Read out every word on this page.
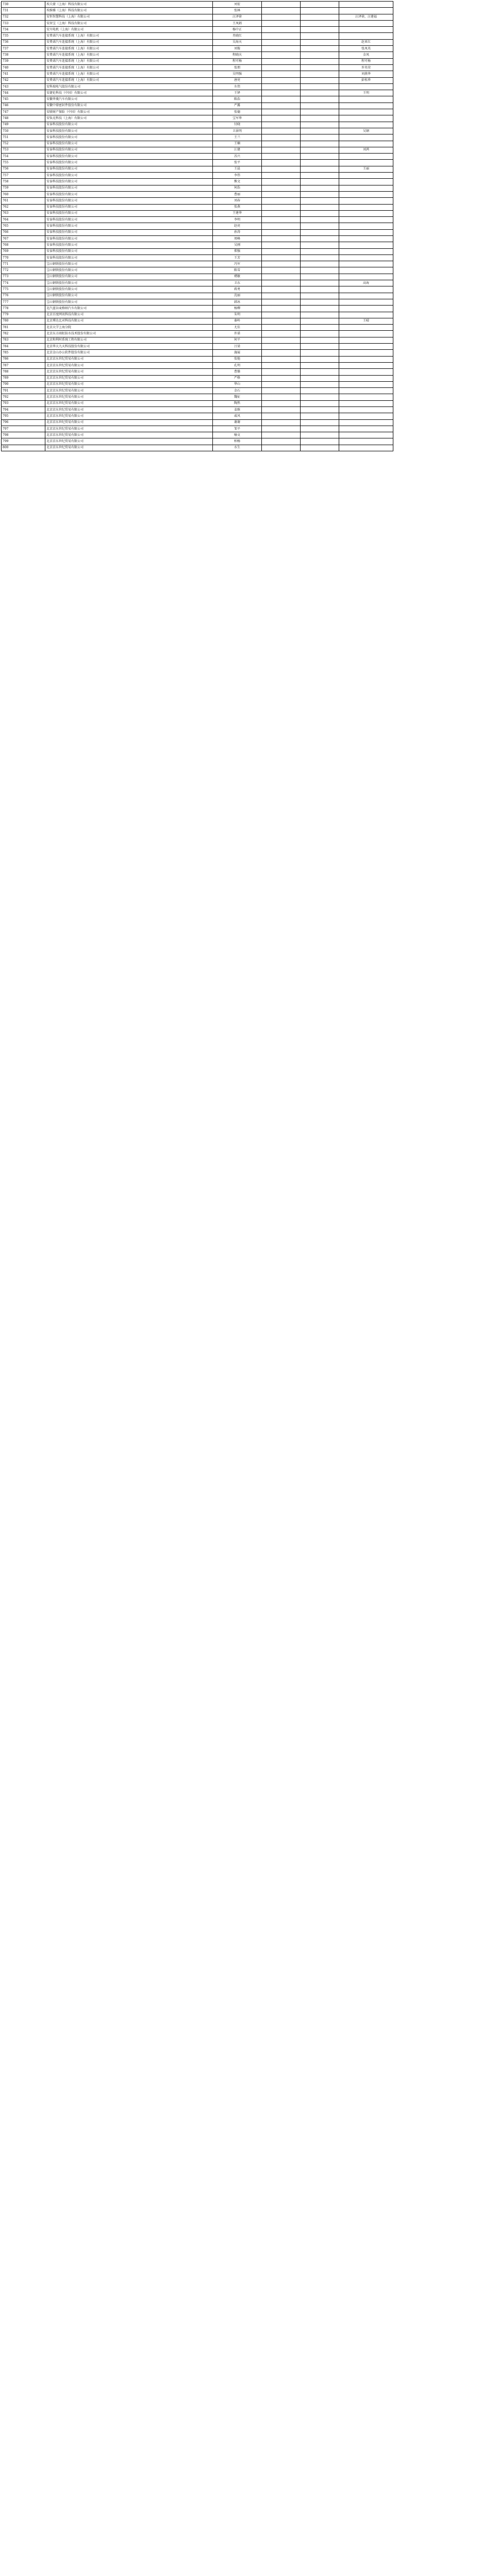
730	埃夫蒙（上海）科技有限公司	刘宏			
731	埃维雅（上海）科技有限公司	张林			
732	安恒智慧科技（上海）有限公司	汪泽徐			汪泽徐，汪建福
733	安居宝（上海）科技有限公司	王凤娟			
734	安川电机（上海）有限公司	杨中正			
735	安费诺汽车连接系统（上海）有限公司	肖晓红			
736	安费诺汽车连接系统（上海）有限公司	吴海天			赵亚红
737	安费诺汽车连接系统（上海）有限公司	刘俊			张凤英
738	安费诺汽车连接系统（上海）有限公司	程晓庆			金凤
739	安费诺汽车连接系统（上海）有限公司	程可杨			程可杨
740	安费诺汽车连接系统（上海）有限公司	张朋			许英荣
741	安费诺汽车连接系统（上海）有限公司	吴明强			刘燕华
742	安费诺汽车连接系统（上海）有限公司	唐亮			彭桂珍
743	安科瑞电气股份有限公司	左伟			
744	安捷伦科技（中国）有限公司	王铎			王明
745	安徽华菱汽车有限公司	陈浩			
746	安徽中鼎密封件股份有限公司	严露			
747	安联财产保险（中国）有限公司	张德			
748	安钛克科技（上海）有限公司	宝军华			
749	安泰科技股份有限公司	付晓			
750	安泰科技股份有限公司	卫景明			吴钢
751	安泰科技股份有限公司	王兰			
752	安泰科技股份有限公司	王楠			
753	安泰科技股份有限公司	江建			刘鸿
754	安泰科技股份有限公司	苏兴			
755	安泰科技股份有限公司	张平			
756	安泰科技股份有限公司	王晨			王丽
757	安泰科技股份有限公司	李伟			
758	安泰科技股份有限公司	熊文			
759	安泰科技股份有限公司	何浩			
760	安泰科技股份有限公司	曹丽			
761	安泰科技股份有限公司	刘春			
762	安泰科技股份有限公司	张燕			
763	安泰科技股份有限公司	王建华			
764	安泰科技股份有限公司	李明			
765	安泰科技股份有限公司	赵亮			
766	安泰科技股份有限公司	孙涛			
767	安泰科技股份有限公司	周峰			
768	安泰科技股份有限公司	吴刚			
769	安泰科技股份有限公司	郑强			
770	安泰科技股份有限公司	王芳			
771	宝山钢铁股份有限公司	冯军			
772	宝山钢铁股份有限公司	陈雪			
773	宝山钢铁股份有限公司	褚敏			
774	宝山钢铁股份有限公司	卫东			高海
775	宝山钢铁股份有限公司	蒋勇			
776	宝山钢铁股份有限公司	沈丽			
777	宝山钢铁股份有限公司	韩冰			
778	北汽蓝谷麦格纳汽车有限公司	杨柳			
779	北京百度网讯科技有限公司	朱明			
780	北京博达比对科技有限公司	秦岭			王晴
781	北京大学上海分院	尤佳			
782	北京东方雨虹防水技术股份有限公司	许诺			
783	北京和利时系统工程有限公司	何平			
784	北京华大九天科技股份有限公司	吕梁			
785	北京金山办公软件股份有限公司	施展			
786	北京京东世纪贸易有限公司	张弛			
787	北京京东世纪贸易有限公司	孔明			
788	北京京东世纪贸易有限公司	曹操			
789	北京京东世纪贸易有限公司	严格			
790	北京京东世纪贸易有限公司	华山			
791	北京京东世纪贸易有限公司	金石			
792	北京京东世纪贸易有限公司	魏征			
793	北京京东世纪贸易有限公司	陶然			
794	北京京东世纪贸易有限公司	姜维			
795	北京京东世纪贸易有限公司	戚风			
796	北京京东世纪贸易有限公司	谢谢			
797	北京京东世纪贸易有限公司	邹平			
798	北京京东世纪贸易有限公司	喻文			
799	北京京东世纪贸易有限公司	柏杨			
800	北京京东世纪贸易有限公司	水生			
